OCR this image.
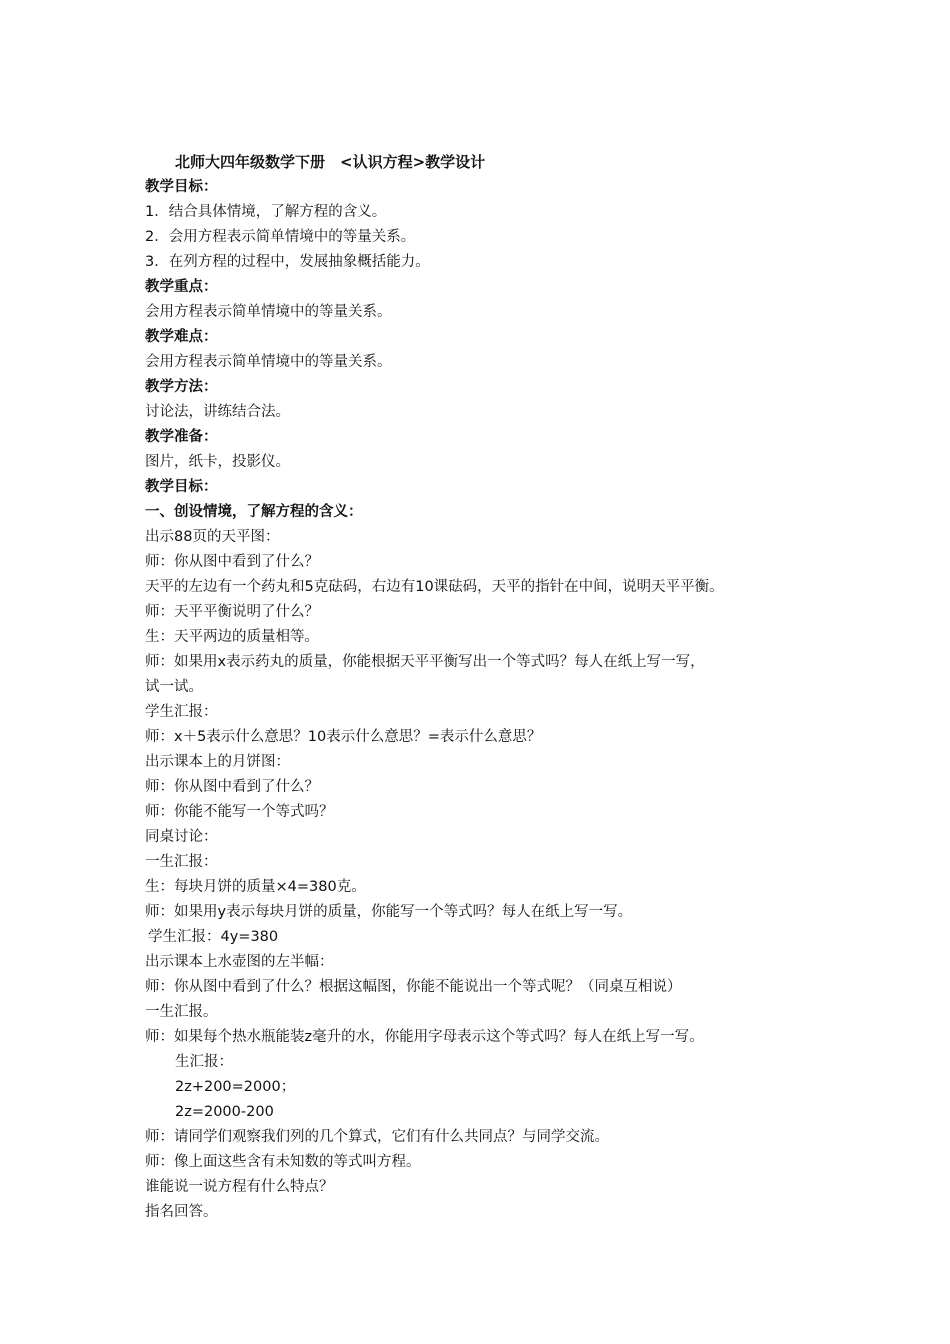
北师大四年级数学下册　<认识方程>教学设计
教学目标：
1．结合具体情境，了解方程的含义。
2．会用方程表示简单情境中的等量关系。
3．在列方程的过程中，发展抽象概括能力。
教学重点：
会用方程表示简单情境中的等量关系。
教学难点：
会用方程表示简单情境中的等量关系。
教学方法：
讨论法，讲练结合法。
教学准备：
图片，纸卡，投影仪。
教学目标：
一、创设情境，了解方程的含义：
出示88页的天平图：
师：你从图中看到了什么？
天平的左边有一个药丸和5克砝码，右边有10课砝码，天平的指针在中间，说明天平平衡。
师：天平平衡说明了什么？
生：天平两边的质量相等。
师：如果用x表示药丸的质量，你能根据天平平衡写出一个等式吗？每人在纸上写一写，
试一试。
学生汇报：
师：x＋5表示什么意思？10表示什么意思？=表示什么意思？
出示课本上的月饼图：
师：你从图中看到了什么？
师：你能不能写一个等式吗？
同桌讨论：
一生汇报：
生：每块月饼的质量×4=380克。
师：如果用y表示每块月饼的质量，你能写一个等式吗？每人在纸上写一写。
学生汇报：4y=380
出示课本上水壶图的左半幅：
师：你从图中看到了什么？根据这幅图，你能不能说出一个等式呢？（同桌互相说）
一生汇报。
师：如果每个热水瓶能装z毫升的水，你能用字母表示这个等式吗？每人在纸上写一写。
生汇报：
2z+200=2000；
2z=2000-200
师：请同学们观察我们列的几个算式，它们有什么共同点？与同学交流。
师：像上面这些含有未知数的等式叫方程。
谁能说一说方程有什么特点？
指名回答。
